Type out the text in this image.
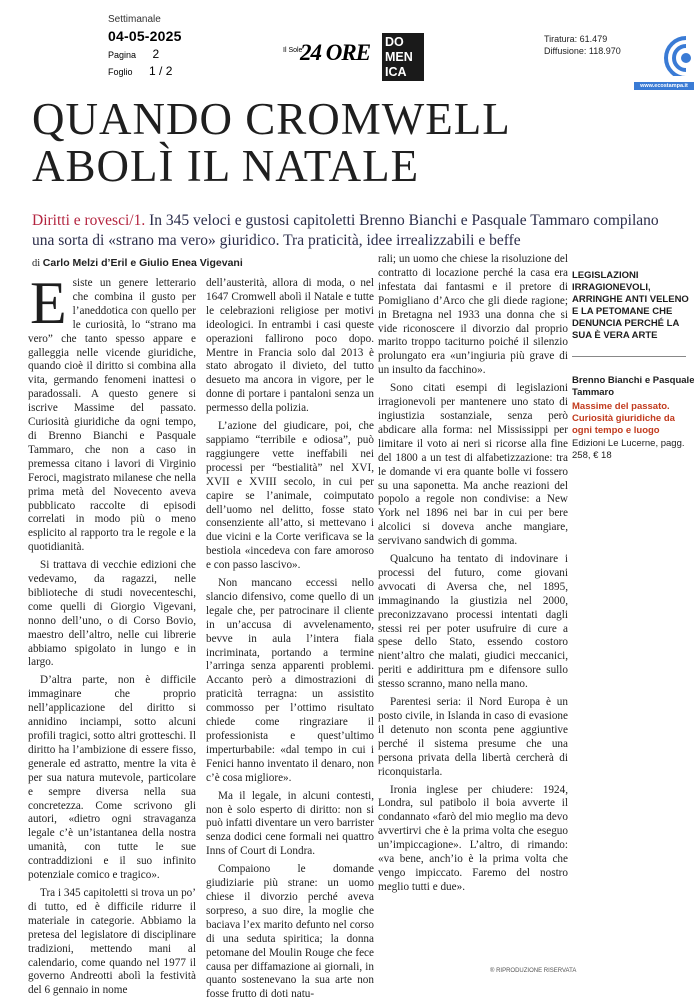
Settimanale
04-05-2025
Pagina 2
Foglio 1 / 2
Il Sole
24 ORE DO
MEN
ICA
Tiratura: 61.479
Diffusione: 118.970
www.ecostampa.it
QUANDO CROMWELL
ABOLÌ IL NATALE
Diritti e rovesci/1. In 345 veloci e gustosi capitoletti Brenno Bianchi e Pasquale Tammaro compilano una sorta di «strano ma vero» giuridico. Tra praticità, idee irrealizzabili e beffe
di Carlo Melzi d’Eril e Giulio Enea Vigevani

Esiste un genere letterario che combina il gusto per l’aneddotica con quello per le curiosità, lo “strano ma vero” che tanto spesso appare e galleggia nelle vicende giuridiche, quando cioè il diritto si combina alla vita, germando fenomeni inattesi o paradossali. A questo genere si iscrive Massime del passato. Curiosità giuridiche da ogni tempo, di Brenno Bianchi e Pasquale Tammaro, che non a caso in premessa citano i lavori di Virginio Feroci, magistrato milanese che nella prima metà del Novecento aveva pubblicato raccolte di episodi correlati in modo più o meno esplicito al rapporto tra le regole e la quotidianità.

Si trattava di vecchie edizioni che vedevamo, da ragazzi, nelle biblioteche di studi novecenteschi, come quelli di Giorgio Vigevani, nonno dell’uno, o di Corso Bovio, maestro dell’altro, nelle cui librerie abbiamo spigolato in lungo e in largo.

D’altra parte, non è difficile immaginare che proprio nell’applicazione del diritto si annidino inciampi, sotto alcuni profili tragici, sotto altri grotteschi. Il diritto ha l’ambizione di essere fisso, generale ed astratto, mentre la vita è per sua natura mutevole, particolare e sempre diversa nella sua concretezza. Come scrivono gli autori, «dietro ogni stravaganza legale c’è un’istantanea della nostra umanità, con tutte le sue contraddizioni e il suo infinito potenziale comico e tragico».

Tra i 345 capitoletti si trova un po’ di tutto, ed è difficile ridurre il materiale in categorie. Abbiamo la pretesa del legislatore di disciplinare tradizioni, mettendo mani al calendario, come quando nel 1977 il governo Andreotti abolì la festività del 6 gennaio in nome

dell’austerità, allora di moda, o nel 1647 Cromwell abolì il Natale e tutte le celebrazioni religiose per motivi ideologici. In entrambi i casi queste operazioni fallirono poco dopo. Mentre in Francia solo dal 2013 è stato abrogato il divieto, del tutto desueto ma ancora in vigore, per le donne di portare i pantaloni senza un permesso della polizia.

L’azione del giudicare, poi, che sappiamo “terribile e odiosa”, può raggiungere vette ineffabili nei processi per “bestialità” nel XVI, XVII e XVIII secolo, in cui per capire se l’animale, coimputato dell’uomo nel delitto, fosse stato consenziente all’atto, si mettevano i due vicini e la Corte verificava se la bestiola «incedeva con fare amoroso e con passo lascivo».

Non mancano eccessi nello slancio difensivo, come quello di un legale che, per patrocinare il cliente in un’accusa di avvelenamento, bevve in aula l’intera fiala incriminata, portando a termine l’arringa senza apparenti problemi. Accanto però a dimostrazioni di praticità terragna: un assistito commosso per l’ottimo risultato chiede come ringraziare il professionista e quest’ultimo imperturbabile: «dal tempo in cui i Fenici hanno inventato il denaro, non c’è cosa migliore».

Ma il legale, in alcuni contesti, non è solo esperto di diritto: non si può infatti diventare un vero barrister senza dodici cene formali nei quattro Inns of Court di Londra.

Compaiono le domande giudiziarie più strane: un uomo chiese il divorzio perché aveva sorpreso, a suo dire, la moglie che baciava l’ex marito defunto nel corso di una seduta spiritica; la donna petomane del Moulin Rouge che fece causa per diffamazione ai giornali, in quanto sostenevano la sua arte non fosse frutto di doti natu-

rali; un uomo che chiese la risoluzione del contratto di locazione perché la casa era infestata dai fantasmi e il pretore di Pomigliano d’Arco che gli diede ragione; in Bretagna nel 1933 una donna che si vide riconoscere il divorzio dal proprio marito troppo taciturno poiché il silenzio prolungato era «un’ingiuria più grave di un insulto da facchino».

Sono citati esempi di legislazioni irragionevoli per mantenere uno stato di ingiustizia sostanziale, senza però abdicare alla forma: nel Mississippi per limitare il voto ai neri si ricorse alla fine del 1800 a un test di alfabetizzazione: tra le domande vi era quante bolle vi fossero su una saponetta. Ma anche reazioni del popolo a regole non condivise: a New York nel 1896 nei bar in cui per bere alcolici si doveva anche mangiare, servivano sandwich di gomma.

Qualcuno ha tentato di indovinare i processi del futuro, come giovani avvocati di Aversa che, nel 1895, immaginando la giustizia nel 2000, preconizzavano processi intentati dagli stessi rei per poter usufruire di cure a spese dello Stato, essendo costoro nient’altro che malati, giudici meccanici, periti e addirittura pm e difensore sullo stesso scranno, mano nella mano.

Parentesi seria: il Nord Europa è un posto civile, in Islanda in caso di evasione il detenuto non sconta pene aggiuntive perché il sistema presume che una persona privata della libertà cercherà di riconquistarla.

Ironia inglese per chiudere: 1924, Londra, sul patibolo il boia avverte il condannato «farò del mio meglio ma devo avvertirvi che è la prima volta che eseguo un’impiccagione». L’altro, di rimando: «va bene, anch’io è la prima volta che vengo impiccato. Faremo del nostro meglio tutti e due».

LEGISLAZIONI IRRAGIONEVOLI, ARRINGHE ANTI VELENO E LA PETOMANE CHE DENUNCIA PERCHÉ LA SUA È VERA ARTE
Brenno Bianchi e Pasquale Tammaro
Massime del passato. Curiosità giuridiche da ogni tempo e luogo
Edizioni Le Lucerne, pagg. 258, € 18
® RIPRODUZIONE RISERVATA
